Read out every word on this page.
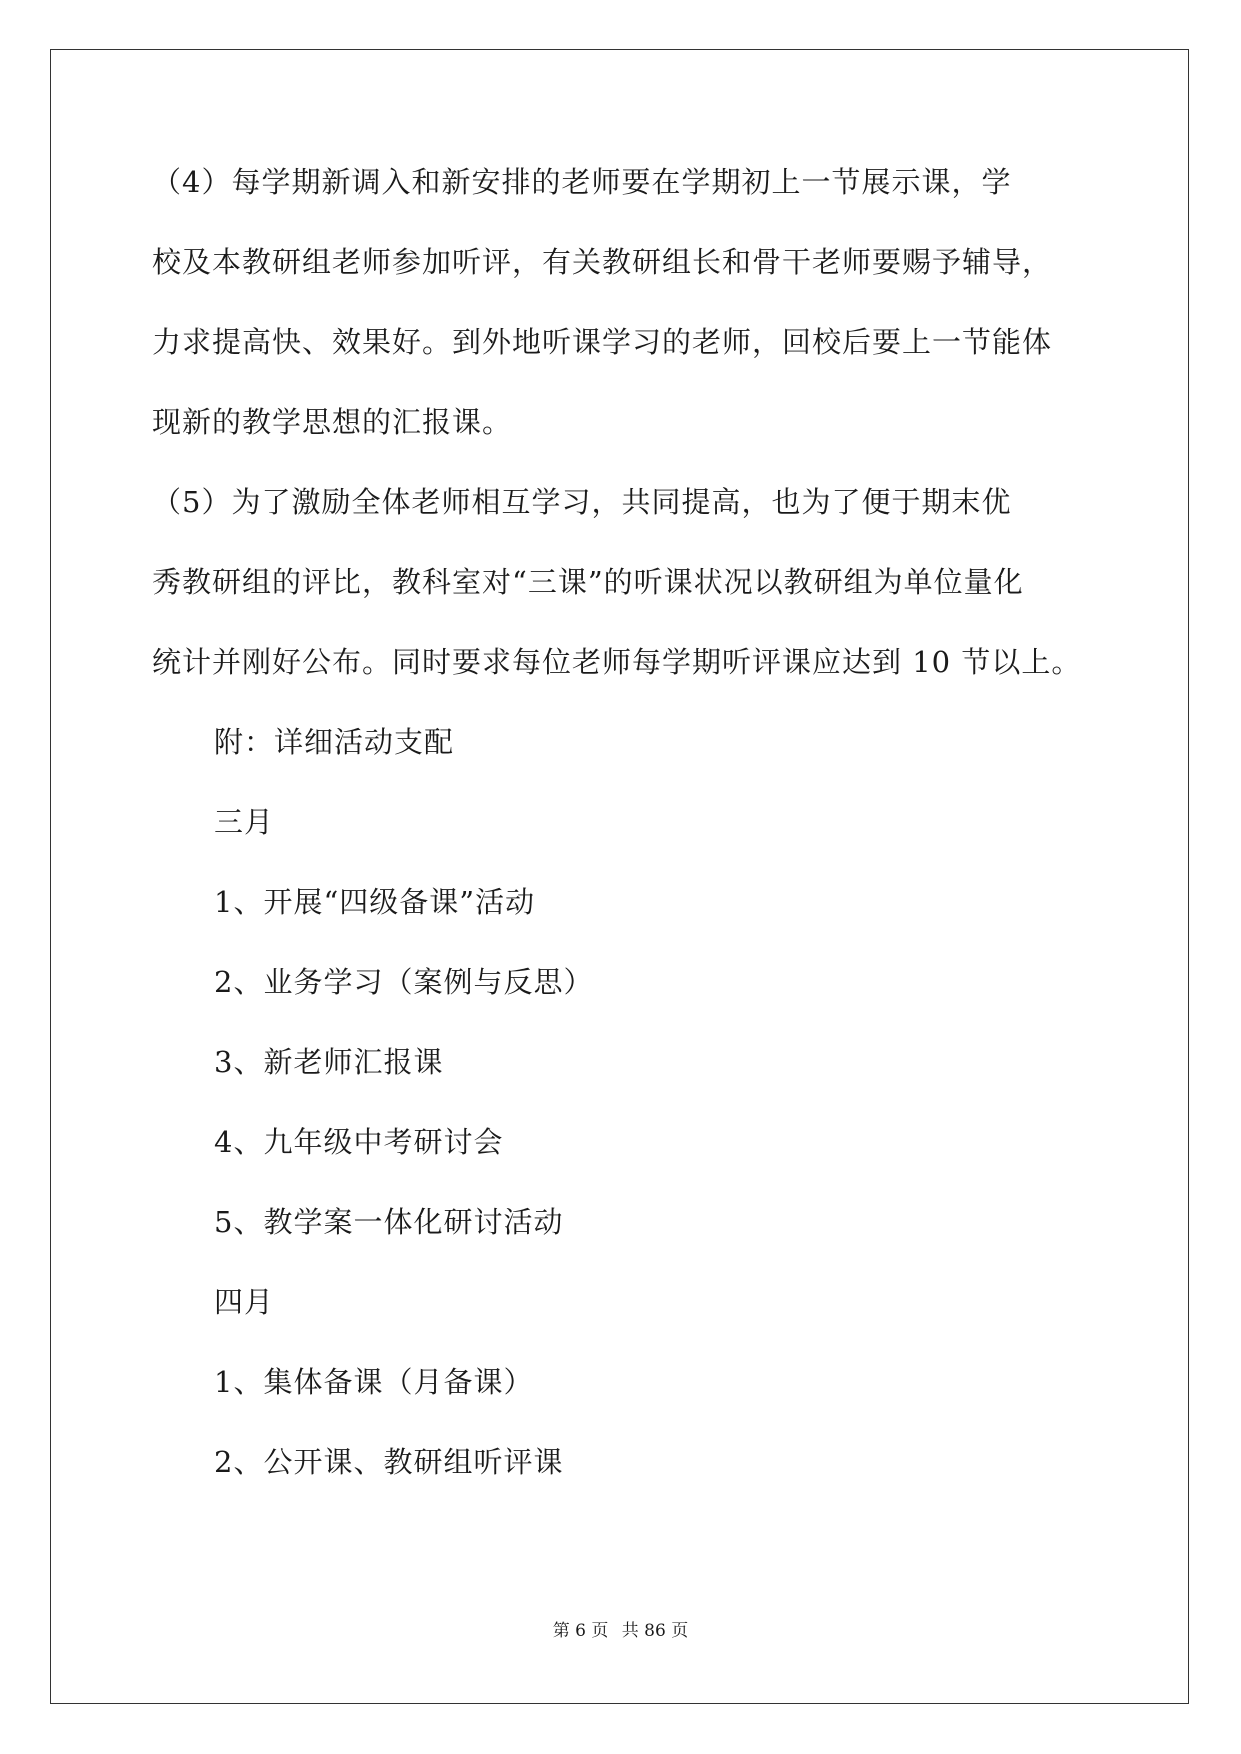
（4）每学期新调入和新安排的老师要在学期初上一节展示课，学
校及本教研组老师参加听评，有关教研组长和骨干老师要赐予辅导，
力求提高快、效果好。到外地听课学习的老师，回校后要上一节能体
现新的教学思想的汇报课。
（5）为了激励全体老师相互学习，共同提高，也为了便于期末优
秀教研组的评比，教科室对“三课”的听课状况以教研组为单位量化
统计并刚好公布。同时要求每位老师每学期听评课应达到 10 节以上。
附：详细活动支配
三月
1、开展“四级备课”活动
2、业务学习（案例与反思）
3、新老师汇报课
4、九年级中考研讨会
5、教学案一体化研讨活动
四月
1、集体备课（月备课）
2、公开课、教研组听评课
第 6 页 共 86 页
